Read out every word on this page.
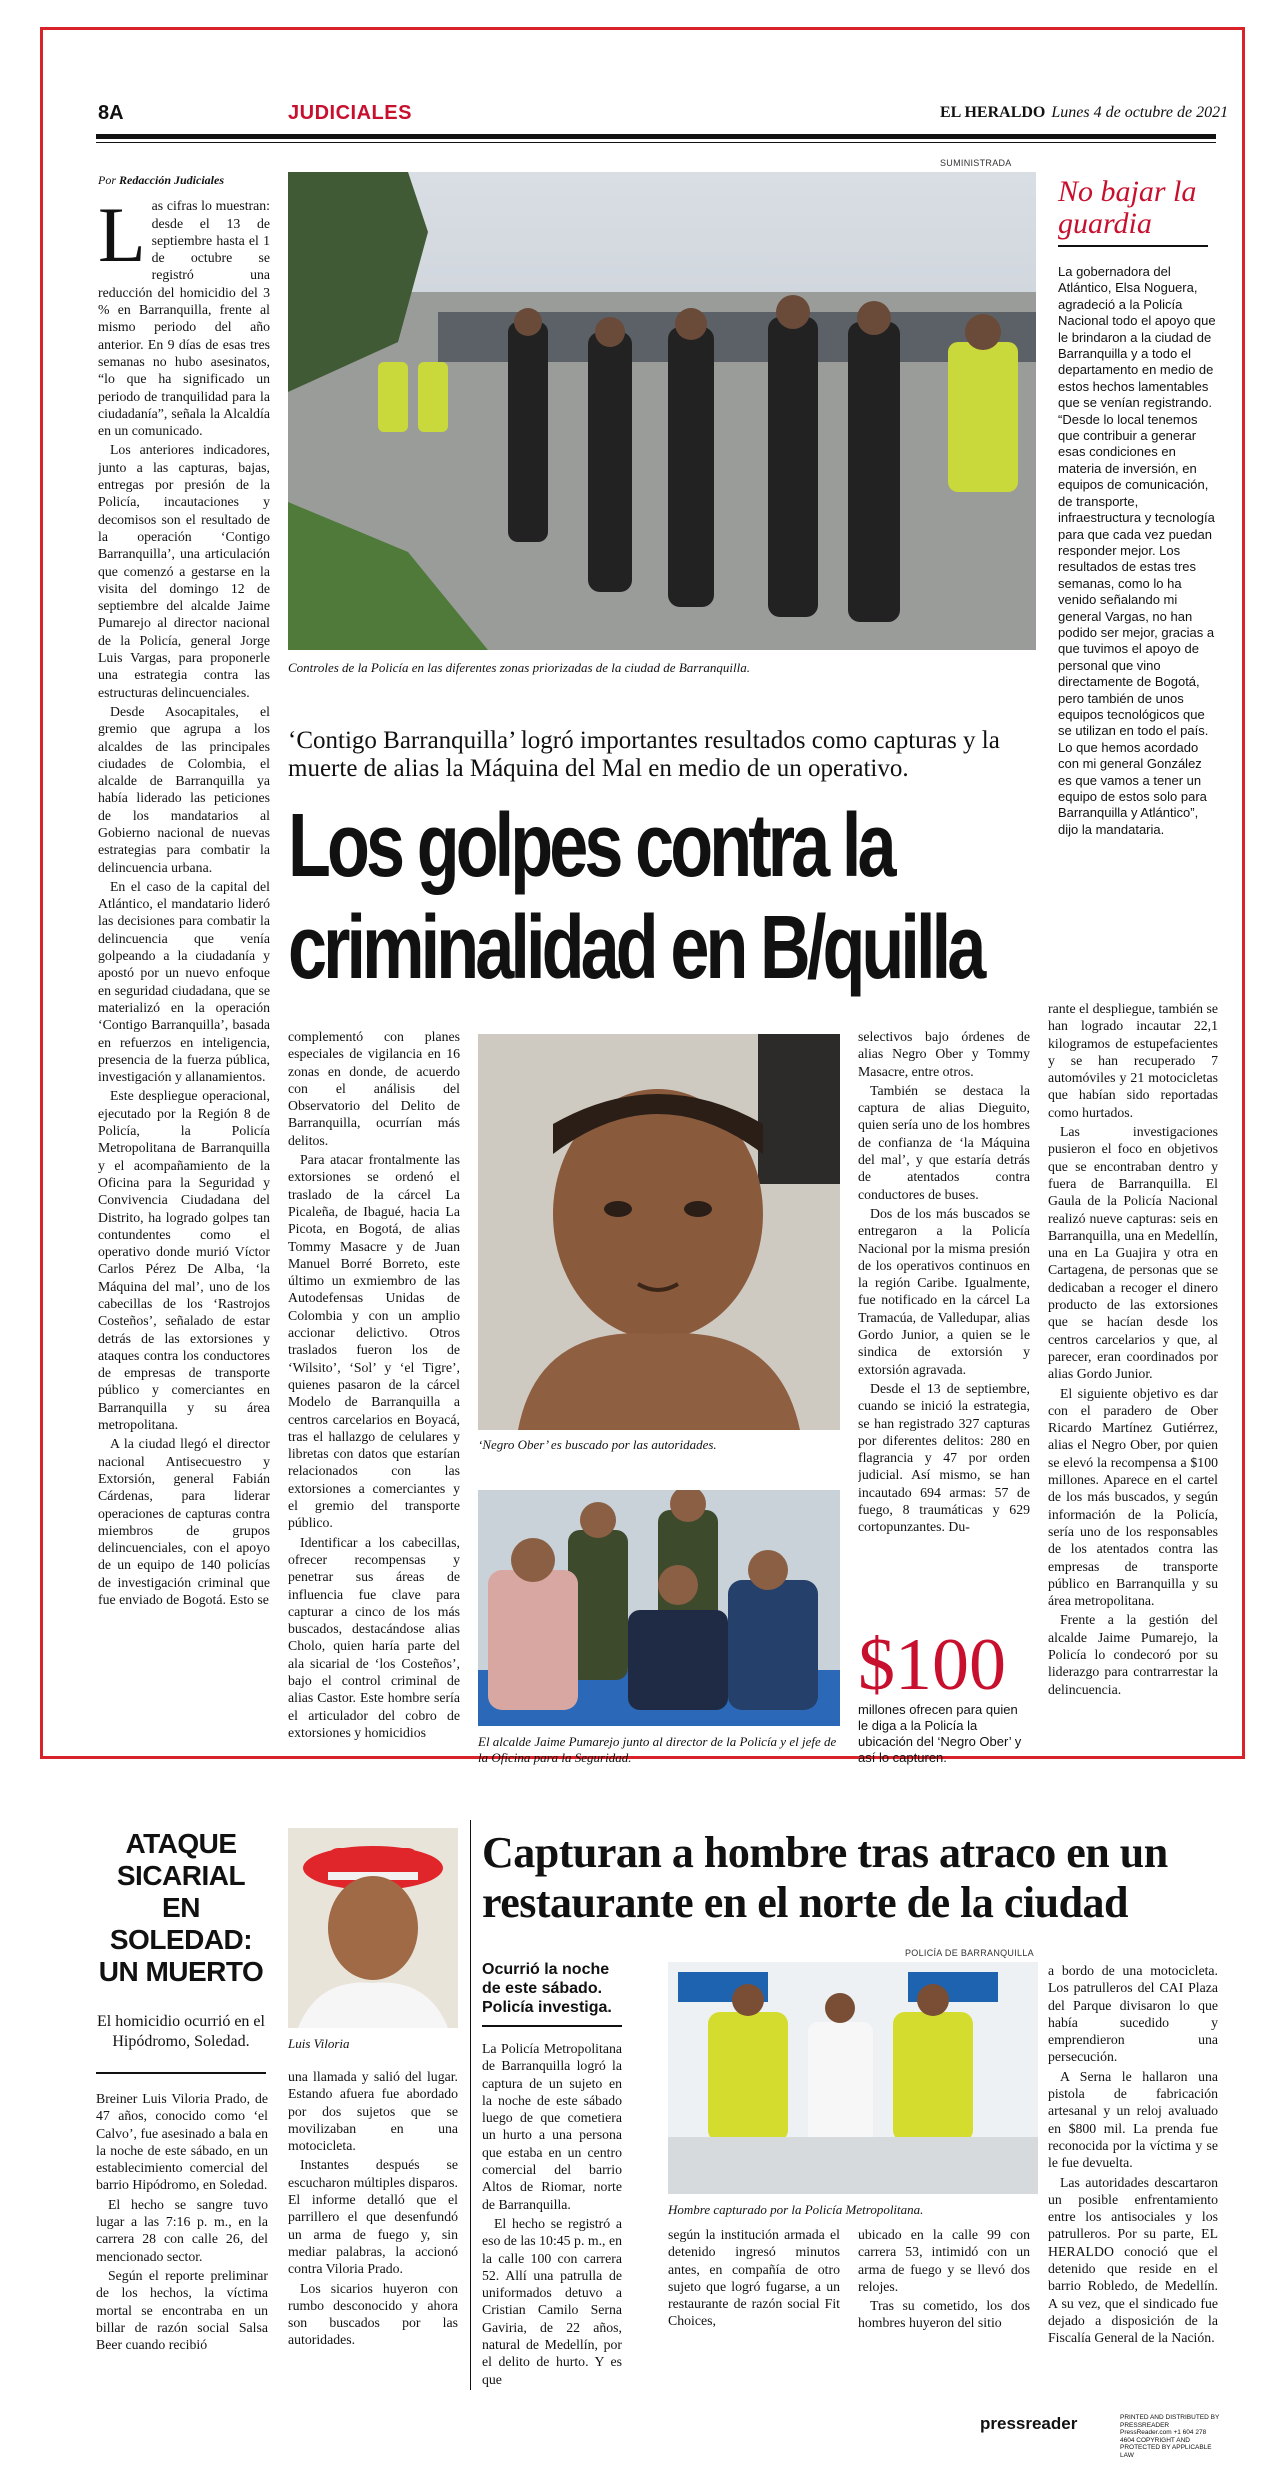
8A	JUDICIALES	EL HERALDO Lunes 4 de octubre de 2021
Por Redacción Judiciales
L as cifras lo muestran: desde el 13 de septiembre hasta el 1 de octubre se registró una reducción del homicidio del 3 % en Barranquilla, frente al mismo periodo del año anterior. En 9 días de esas tres semanas no hubo asesinatos, “lo que ha significado un periodo de tranquilidad para la ciudadanía”, señala la Alcaldía en un comunicado.

Los anteriores indicadores, junto a las capturas, bajas, entregas por presión de la Policía, incautaciones y decomisos son el resultado de la operación ‘Contigo Barranquilla’, una articulación que comenzó a gestarse en la visita del domingo 12 de septiembre del alcalde Jaime Pumarejo al director nacional de la Policía, general Jorge Luis Vargas, para proponerle una estrategia contra las estructuras delincuenciales.

Desde Asocapitales, el gremio que agrupa a los alcaldes de las principales ciudades de Colombia, el alcalde de Barranquilla ya había liderado las peticiones de los mandatarios al Gobierno nacional de nuevas estrategias para combatir la delincuencia urbana.

En el caso de la capital del Atlántico, el mandatario lideró las decisiones para combatir la delincuencia que venía golpeando a la ciudadanía y apostó por un nuevo enfoque en seguridad ciudadana, que se materializó en la operación ‘Contigo Barranquilla’, basada en refuerzos en inteligencia, presencia de la fuerza pública, investigación y allanamientos.

Este despliegue operacional, ejecutado por la Región 8 de Policía, la Policía Metropolitana de Barranquilla y el acompañamiento de la Oficina para la Seguridad y Convivencia Ciudadana del Distrito, ha logrado golpes tan contundentes como el operativo donde murió Víctor Carlos Pérez De Alba, ‘la Máquina del mal’, uno de los cabecillas de los ‘Rastrojos Costeños’, señalado de estar detrás de las extorsiones y ataques contra los conductores de empresas de transporte público y comerciantes en Barranquilla y su área metropolitana.

A la ciudad llegó el director nacional Antisecuestro y Extorsión, general Fabián Cárdenas, para liderar operaciones de capturas contra miembros de grupos delincuenciales, con el apoyo de un equipo de 140 policías de investigación criminal que fue enviado de Bogotá. Esto se

SUMINISTRADA
Controles de la Policía en las diferentes zonas priorizadas de la ciudad de Barranquilla.
‘Contigo Barranquilla’ logró importantes resultados como capturas y la muerte de alias la Máquina del Mal en medio de un operativo.
Los golpes contra la
criminalidad en B/quilla
No bajar la guardia
La gobernadora del Atlántico, Elsa Noguera, agradeció a la Policía Nacional todo el apoyo que le brindaron a la ciudad de Barranquilla y a todo el departamento en medio de estos hechos lamentables que se venían registrando. “Desde lo local tenemos que contribuir a generar esas condiciones en materia de inversión, en equipos de comunicación, de transporte, infraestructura y tecnología para que cada vez puedan responder mejor. Los resultados de estas tres semanas, como lo ha venido señalando mi general Vargas, no han podido ser mejor, gracias a que tuvimos el apoyo de personal que vino directamente de Bogotá, pero también de unos equipos tecnológicos que se utilizan en todo el país. Lo que hemos acordado con mi general González es que vamos a tener un equipo de estos solo para Barranquilla y Atlántico”, dijo la mandataria.

complementó con planes especiales de vigilancia en 16 zonas en donde, de acuerdo con el análisis del Observatorio del Delito de Barranquilla, ocurrían más delitos.

Para atacar frontalmente las extorsiones se ordenó el traslado de la cárcel La Picaleña, de Ibagué, hacia La Picota, en Bogotá, de alias Tommy Masacre y de Juan Manuel Borré Borreto, este último un exmiembro de las Autodefensas Unidas de Colombia y con un amplio accionar delictivo. Otros traslados fueron los de ‘Wilsito’, ‘Sol’ y ‘el Tigre’, quienes pasaron de la cárcel Modelo de Barranquilla a centros carcelarios en Boyacá, tras el hallazgo de celulares y libretas con datos que estarían relacionados con las extorsiones a comerciantes y el gremio del transporte público.

Identificar a los cabecillas, ofrecer recompensas y penetrar sus áreas de influencia fue clave para capturar a cinco de los más buscados, destacándose alias Cholo, quien haría parte del ala sicarial de ‘los Costeños’, bajo el control criminal de alias Castor. Este hombre sería el articulador del cobro de extorsiones y homicidios

‘Negro Ober’ es buscado por las autoridades.
El alcalde Jaime Pumarejo junto al director de la Policía y el jefe de la Oficina para la Seguridad.

selectivos bajo órdenes de alias Negro Ober y Tommy Masacre, entre otros.

También se destaca la captura de alias Dieguito, quien sería uno de los hombres de confianza de ‘la Máquina del mal’, y que estaría detrás de atentados contra conductores de buses.

Dos de los más buscados se entregaron a la Policía Nacional por la misma presión de los operativos continuos en la región Caribe. Igualmente, fue notificado en la cárcel La Tramacúa, de Valledupar, alias Gordo Junior, a quien se le sindica de extorsión y extorsión agravada.

Desde el 13 de septiembre, cuando se inició la estrategia, se han registrado 327 capturas por diferentes delitos: 280 en flagrancia y 47 por orden judicial. Así mismo, se han incautado 694 armas: 57 de fuego, 8 traumáticas y 629 cortopunzantes. Du-

$100
millones ofrecen para quien le diga a la Policía la ubicación del ‘Negro Ober’ y así lo capturen.

rante el despliegue, también se han logrado incautar 22,1 kilogramos de estupefacientes y se han recuperado 7 automóviles y 21 motocicletas que habían sido reportadas como hurtados.

Las investigaciones pusieron el foco en objetivos que se encontraban dentro y fuera de Barranquilla. El Gaula de la Policía Nacional realizó nueve capturas: seis en Barranquilla, una en Medellín, una en La Guajira y otra en Cartagena, de personas que se dedicaban a recoger el dinero producto de las extorsiones que se hacían desde los centros carcelarios y que, al parecer, eran coordinados por alias Gordo Junior.

El siguiente objetivo es dar con el paradero de Ober Ricardo Martínez Gutiérrez, alias el Negro Ober, por quien se elevó la recompensa a $100 millones. Aparece en el cartel de los más buscados, y según información de la Policía, sería uno de los responsables de los atentados contra las empresas de transporte público en Barranquilla y su área metropolitana.

Frente a la gestión del alcalde Jaime Pumarejo, la Policía lo condecoró por su liderazgo para contrarrestar la delincuencia.

ATAQUE SICARIAL EN SOLEDAD: UN MUERTO
El homicidio ocurrió en el Hipódromo, Soledad.	Luis Viloria

Breiner Luis Viloria Prado, de 47 años, conocido como ‘el Calvo’, fue asesinado a bala en la noche de este sábado, en un establecimiento comercial del barrio Hipódromo, en Soledad.

El hecho se sangre tuvo lugar a las 7:16 p. m., en la carrera 28 con calle 26, del mencionado sector.

Según el reporte preliminar de los hechos, la víctima mortal se encontraba en un billar de razón social Salsa Beer cuando recibió

una llamada y salió del lugar. Estando afuera fue abordado por dos sujetos que se movilizaban en una motocicleta.

Instantes después se escucharon múltiples disparos. El informe detalló que el parrillero el que desenfundó un arma de fuego y, sin mediar palabras, la accionó contra Viloria Prado.

Los sicarios huyeron con rumbo desconocido y ahora son buscados por las autoridades.

Capturan a hombre tras atraco en un restaurante en el norte de la ciudad
Ocurrió la noche de este sábado. Policía investiga.

La Policía Metropolitana de Barranquilla logró la captura de un sujeto en la noche de este sábado luego de que cometiera un hurto a una persona que estaba en un centro comercial del barrio Altos de Riomar, norte de Barranquilla.

El hecho se registró a eso de las 10:45 p. m., en la calle 100 con carrera 52. Allí una patrulla de uniformados detuvo a Cristian Camilo Serna Gaviria, de 22 años, natural de Medellín, por el delito de hurto. Y es que

POLICÍA DE BARRANQUILLA
Hombre capturado por la Policía Metropolitana.

según la institución armada el detenido ingresó minutos antes, en compañía de otro sujeto que logró fugarse, a un restaurante de razón social Fit Choices,

ubicado en la calle 99 con carrera 53, intimidó con un arma de fuego y se llevó dos relojes.

Tras su cometido, los dos hombres huyeron del sitio

a bordo de una motocicleta. Los patrulleros del CAI Plaza del Parque divisaron lo que había sucedido y emprendieron una persecución.

A Serna le hallaron una pistola de fabricación artesanal y un reloj avaluado en $800 mil. La prenda fue reconocida por la víctima y se le fue devuelta.

Las autoridades descartaron un posible enfrentamiento entre los antisociales y los patrulleros. Por su parte, EL HERALDO conoció que el detenido que reside en el barrio Robledo, de Medellín. A su vez, que el sindicado fue dejado a disposición de la Fiscalía General de la Nación.

pressreader	PRINTED AND DISTRIBUTED BY PRESSREADER PressReader.com +1 604 278 4604 COPYRIGHT AND PROTECTED BY APPLICABLE LAW
